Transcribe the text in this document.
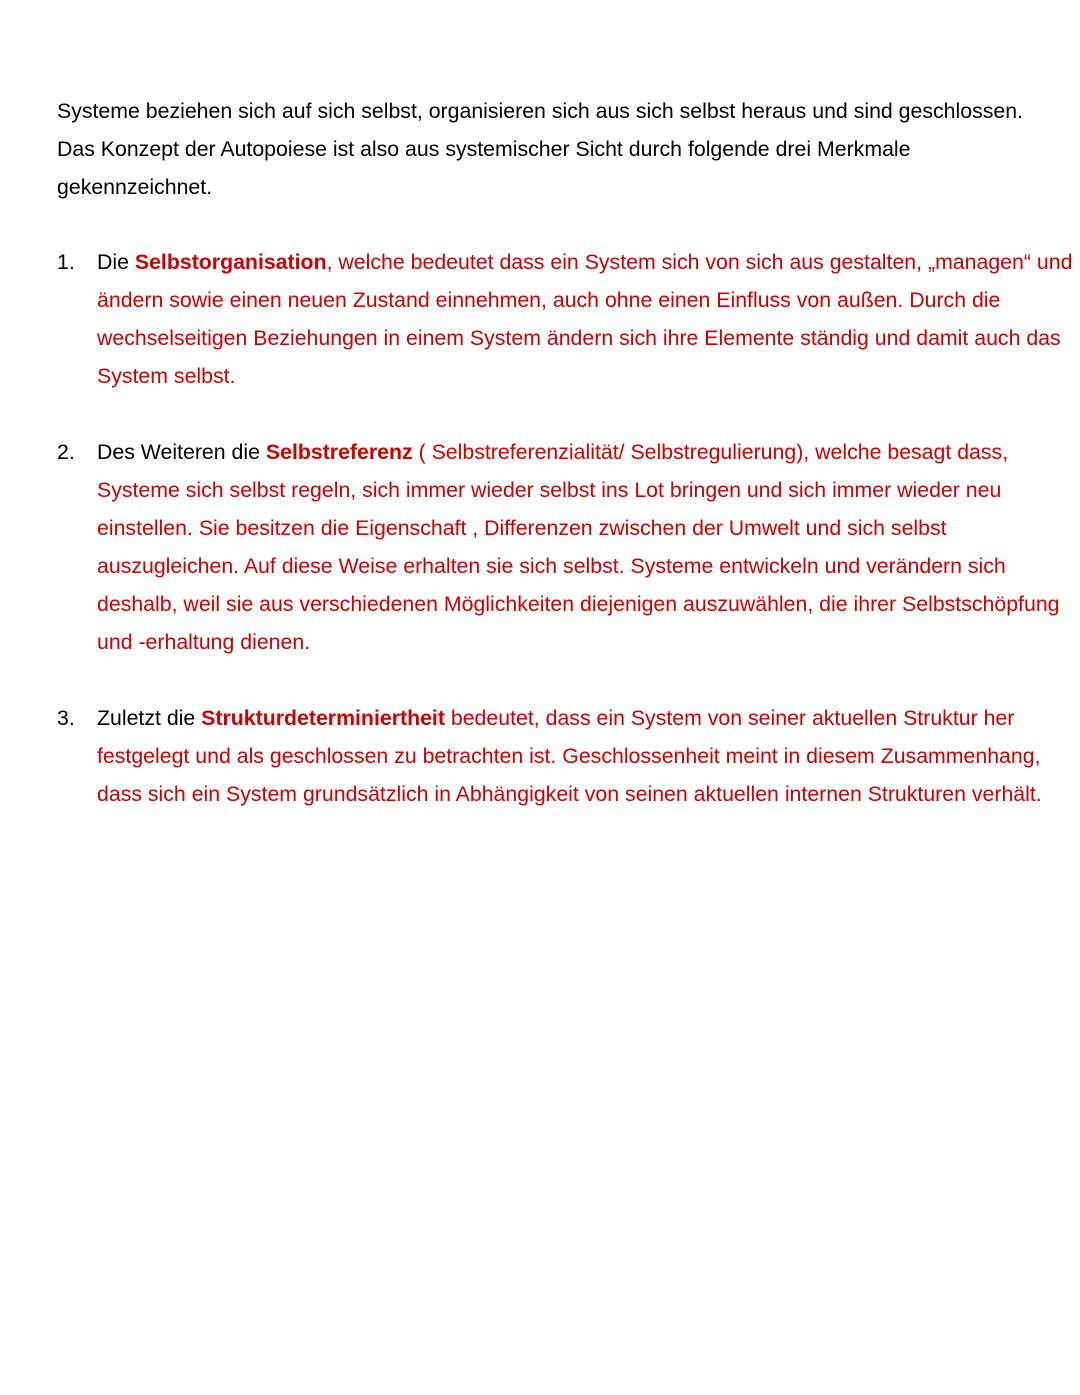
Systeme beziehen sich auf sich selbst, organisieren sich aus sich selbst heraus und sind geschlossen. Das Konzept der Autopoiese ist also aus systemischer Sicht durch folgende drei Merkmale gekennzeichnet.

1. Die Selbstorganisation, welche bedeutet dass ein System sich von sich aus gestalten, „managen“ und ändern sowie einen neuen Zustand einnehmen, auch ohne einen Einfluss von außen. Durch die wechselseitigen Beziehungen in einem System ändern sich ihre Elemente ständig und damit auch das System selbst.
2. Des Weiteren die Selbstreferenz ( Selbstreferenzialität/ Selbstregulierung), welche besagt dass, Systeme sich selbst regeln, sich immer wieder selbst ins Lot bringen und sich immer wieder neu einstellen. Sie besitzen die Eigenschaft , Differenzen zwischen der Umwelt und sich selbst auszugleichen. Auf diese Weise erhalten sie sich selbst. Systeme entwickeln und verändern sich deshalb, weil sie aus verschiedenen Möglichkeiten diejenigen auszuwählen, die ihrer Selbstschöpfung und -erhaltung dienen.
3. Zuletzt die Strukturdeterminiertheit bedeutet, dass ein System von seiner aktuellen Struktur her festgelegt und als geschlossen zu betrachten ist. Geschlossenheit meint in diesem Zusammenhang, dass sich ein System grundsätzlich in Abhängigkeit von seinen aktuellen internen Strukturen verhält.
